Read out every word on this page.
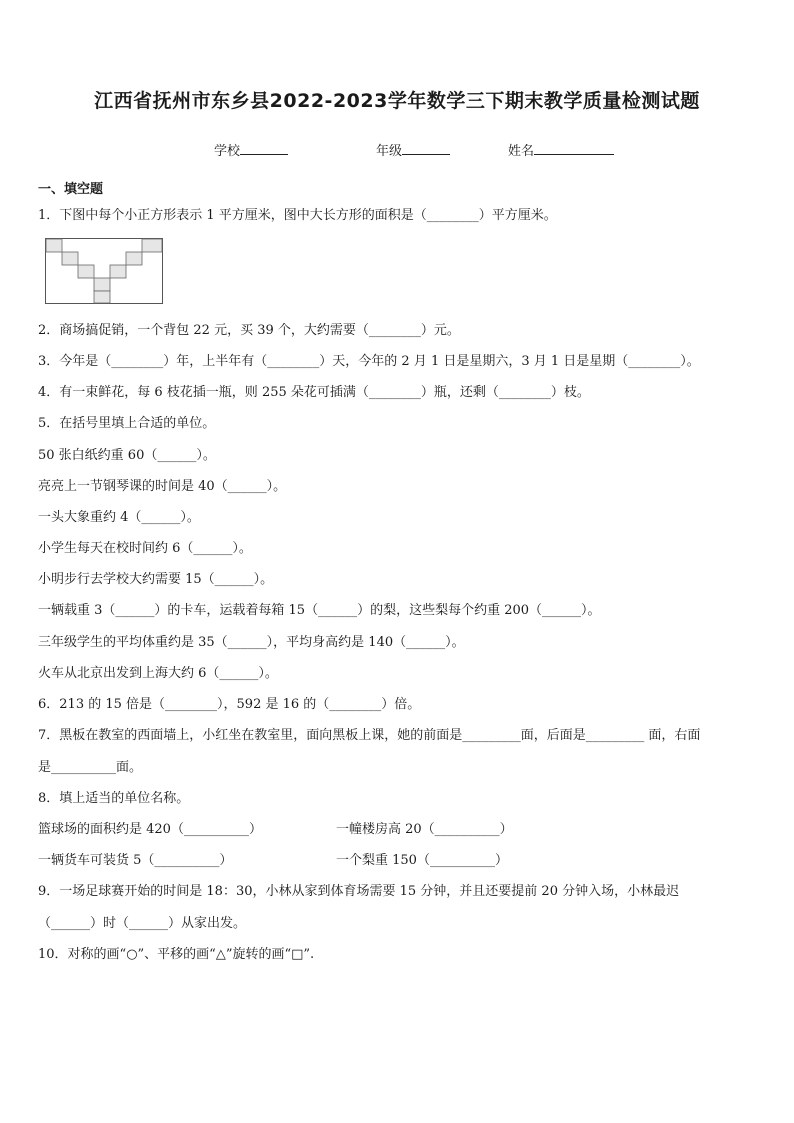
江西省抚州市东乡县2022-2023学年数学三下期末教学质量检测试题
学校	年级	姓名
一、填空题
1．下图中每个小正方形表示 1 平方厘米，图中大长方形的面积是（________）平方厘米。
2．商场搞促销，一个背包 22 元，买 39 个，大约需要（________）元。
3．今年是（________）年，上半年有（________）天，今年的 2 月 1 日是星期六，3 月 1 日是星期（________）。
4．有一束鲜花，每 6 枝花插一瓶，则 255 朵花可插满（________）瓶，还剩（________）枝。
5．在括号里填上合适的单位。
50 张白纸约重 60（______）。
亮亮上一节钢琴课的时间是 40（______）。
一头大象重约 4（______）。
小学生每天在校时间约 6（______）。
小明步行去学校大约需要 15（______）。
一辆载重 3（______）的卡车，运载着每箱 15（______）的梨，这些梨每个约重 200（______）。
三年级学生的平均体重约是 35（______），平均身高约是 140（______）。
火车从北京出发到上海大约 6（______）。
6．213 的 15 倍是（________），592 是 16 的（________）倍。
7．黑板在教室的西面墙上，小红坐在教室里，面向黑板上课，她的前面是_________面，后面是_________ 面，右面
是__________面。
8．填上适当的单位名称。
篮球场的面积约是 420（__________）	一幢楼房高 20（__________）
一辆货车可装货 5（__________）	一个梨重 150（__________）
9．一场足球赛开始的时间是 18：30，小林从家到体育场需要 15 分钟，并且还要提前 20 分钟入场，小林最迟
（______）时（______）从家出发。
10．对称的画“○”、平移的画“△”旋转的画“□”.
